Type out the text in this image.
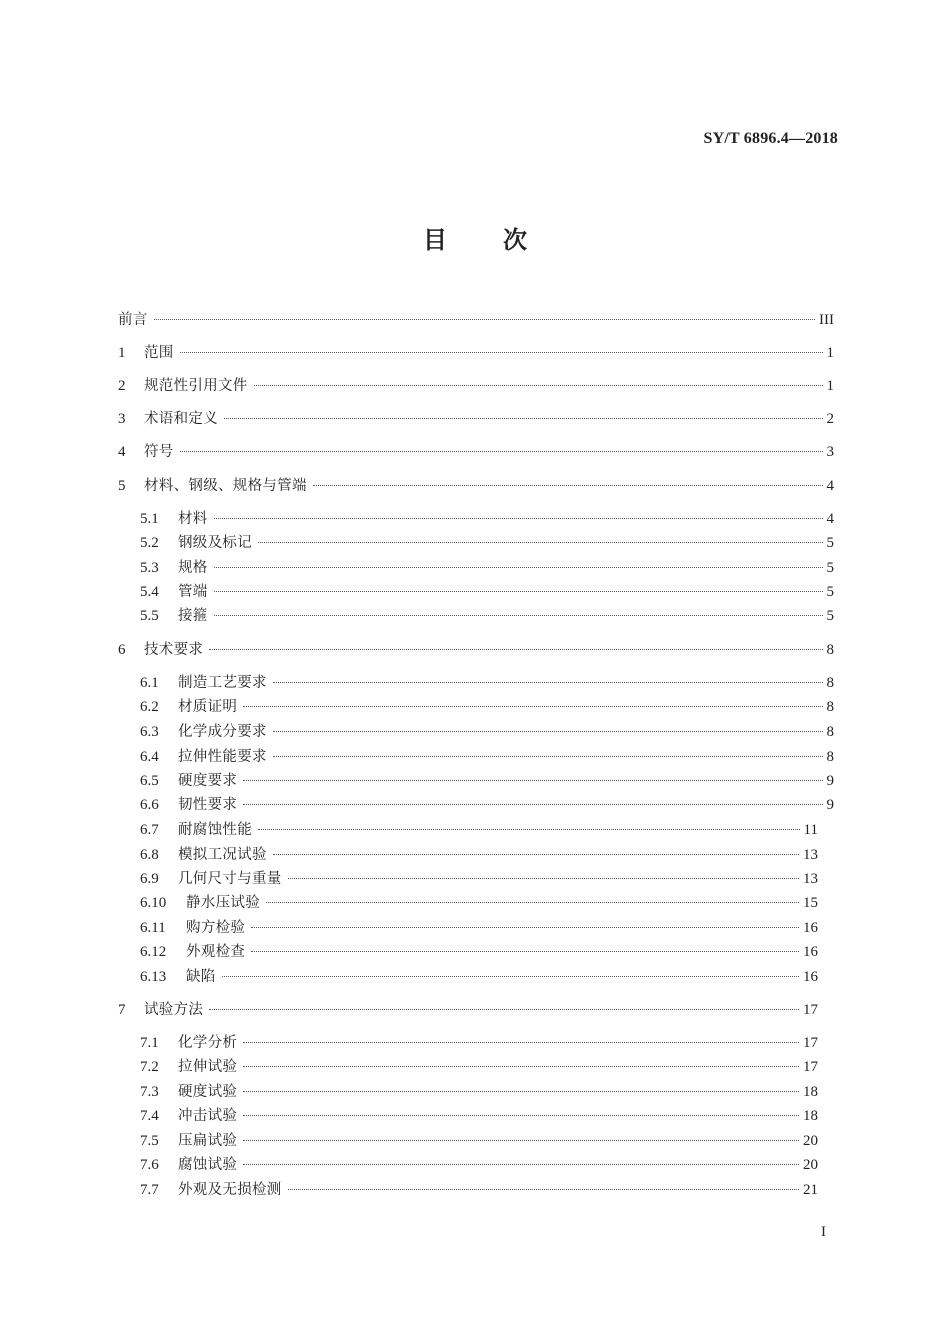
SY/T 6896.4—2018
目次
前言	III
1	范围	1
2	规范性引用文件	1
3	术语和定义	2
4	符号	3
5	材料、钢级、规格与管端	4
5.1	材料	4
5.2	钢级及标记	5
5.3	规格	5
5.4	管端	5
5.5	接箍	5
6	技术要求	8
6.1	制造工艺要求	8
6.2	材质证明	8
6.3	化学成分要求	8
6.4	拉伸性能要求	8
6.5	硬度要求	9
6.6	韧性要求	9
6.7	耐腐蚀性能	11
6.8	模拟工况试验	13
6.9	几何尺寸与重量	13
6.10	静水压试验	15
6.11	购方检验	16
6.12	外观检查	16
6.13	缺陷	16
7	试验方法	17
7.1	化学分析	17
7.2	拉伸试验	17
7.3	硬度试验	18
7.4	冲击试验	18
7.5	压扁试验	20
7.6	腐蚀试验	20
7.7	外观及无损检测	21
I
